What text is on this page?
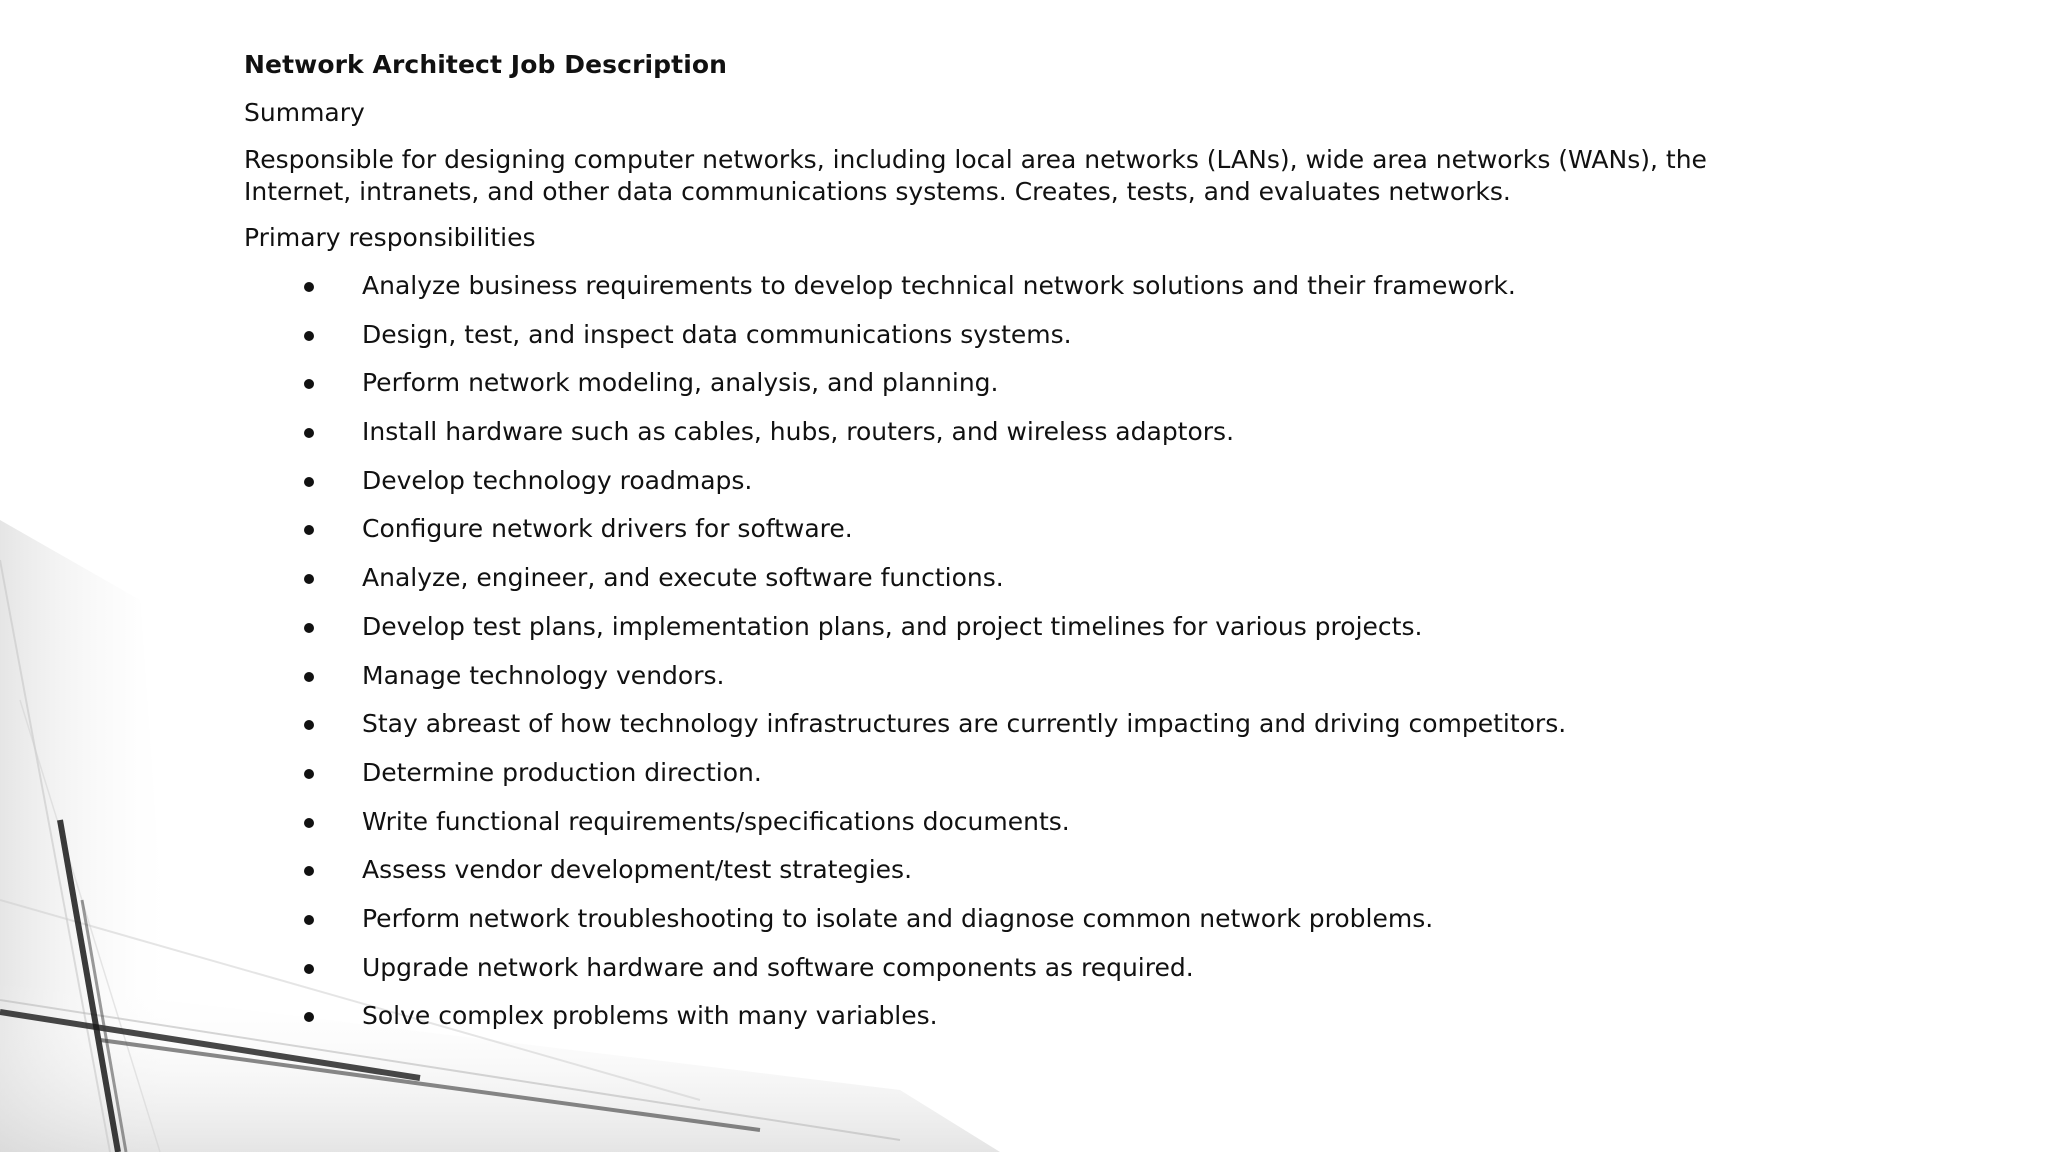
Network Architect Job Description
Summary
Responsible for designing computer networks, including local area networks (LANs), wide area networks (WANs), the Internet, intranets, and other data communications systems. Creates, tests, and evaluates networks.
Primary responsibilities
Analyze business requirements to develop technical network solutions and their framework.
Design, test, and inspect data communications systems.
Perform network modeling, analysis, and planning.
Install hardware such as cables, hubs, routers, and wireless adaptors.
Develop technology roadmaps.
Configure network drivers for software.
Analyze, engineer, and execute software functions.
Develop test plans, implementation plans, and project timelines for various projects.
Manage technology vendors.
Stay abreast of how technology infrastructures are currently impacting and driving competitors.
Determine production direction.
Write functional requirements/specifications documents.
Assess vendor development/test strategies.
Perform network troubleshooting to isolate and diagnose common network problems.
Upgrade network hardware and software components as required.
Solve complex problems with many variables.
